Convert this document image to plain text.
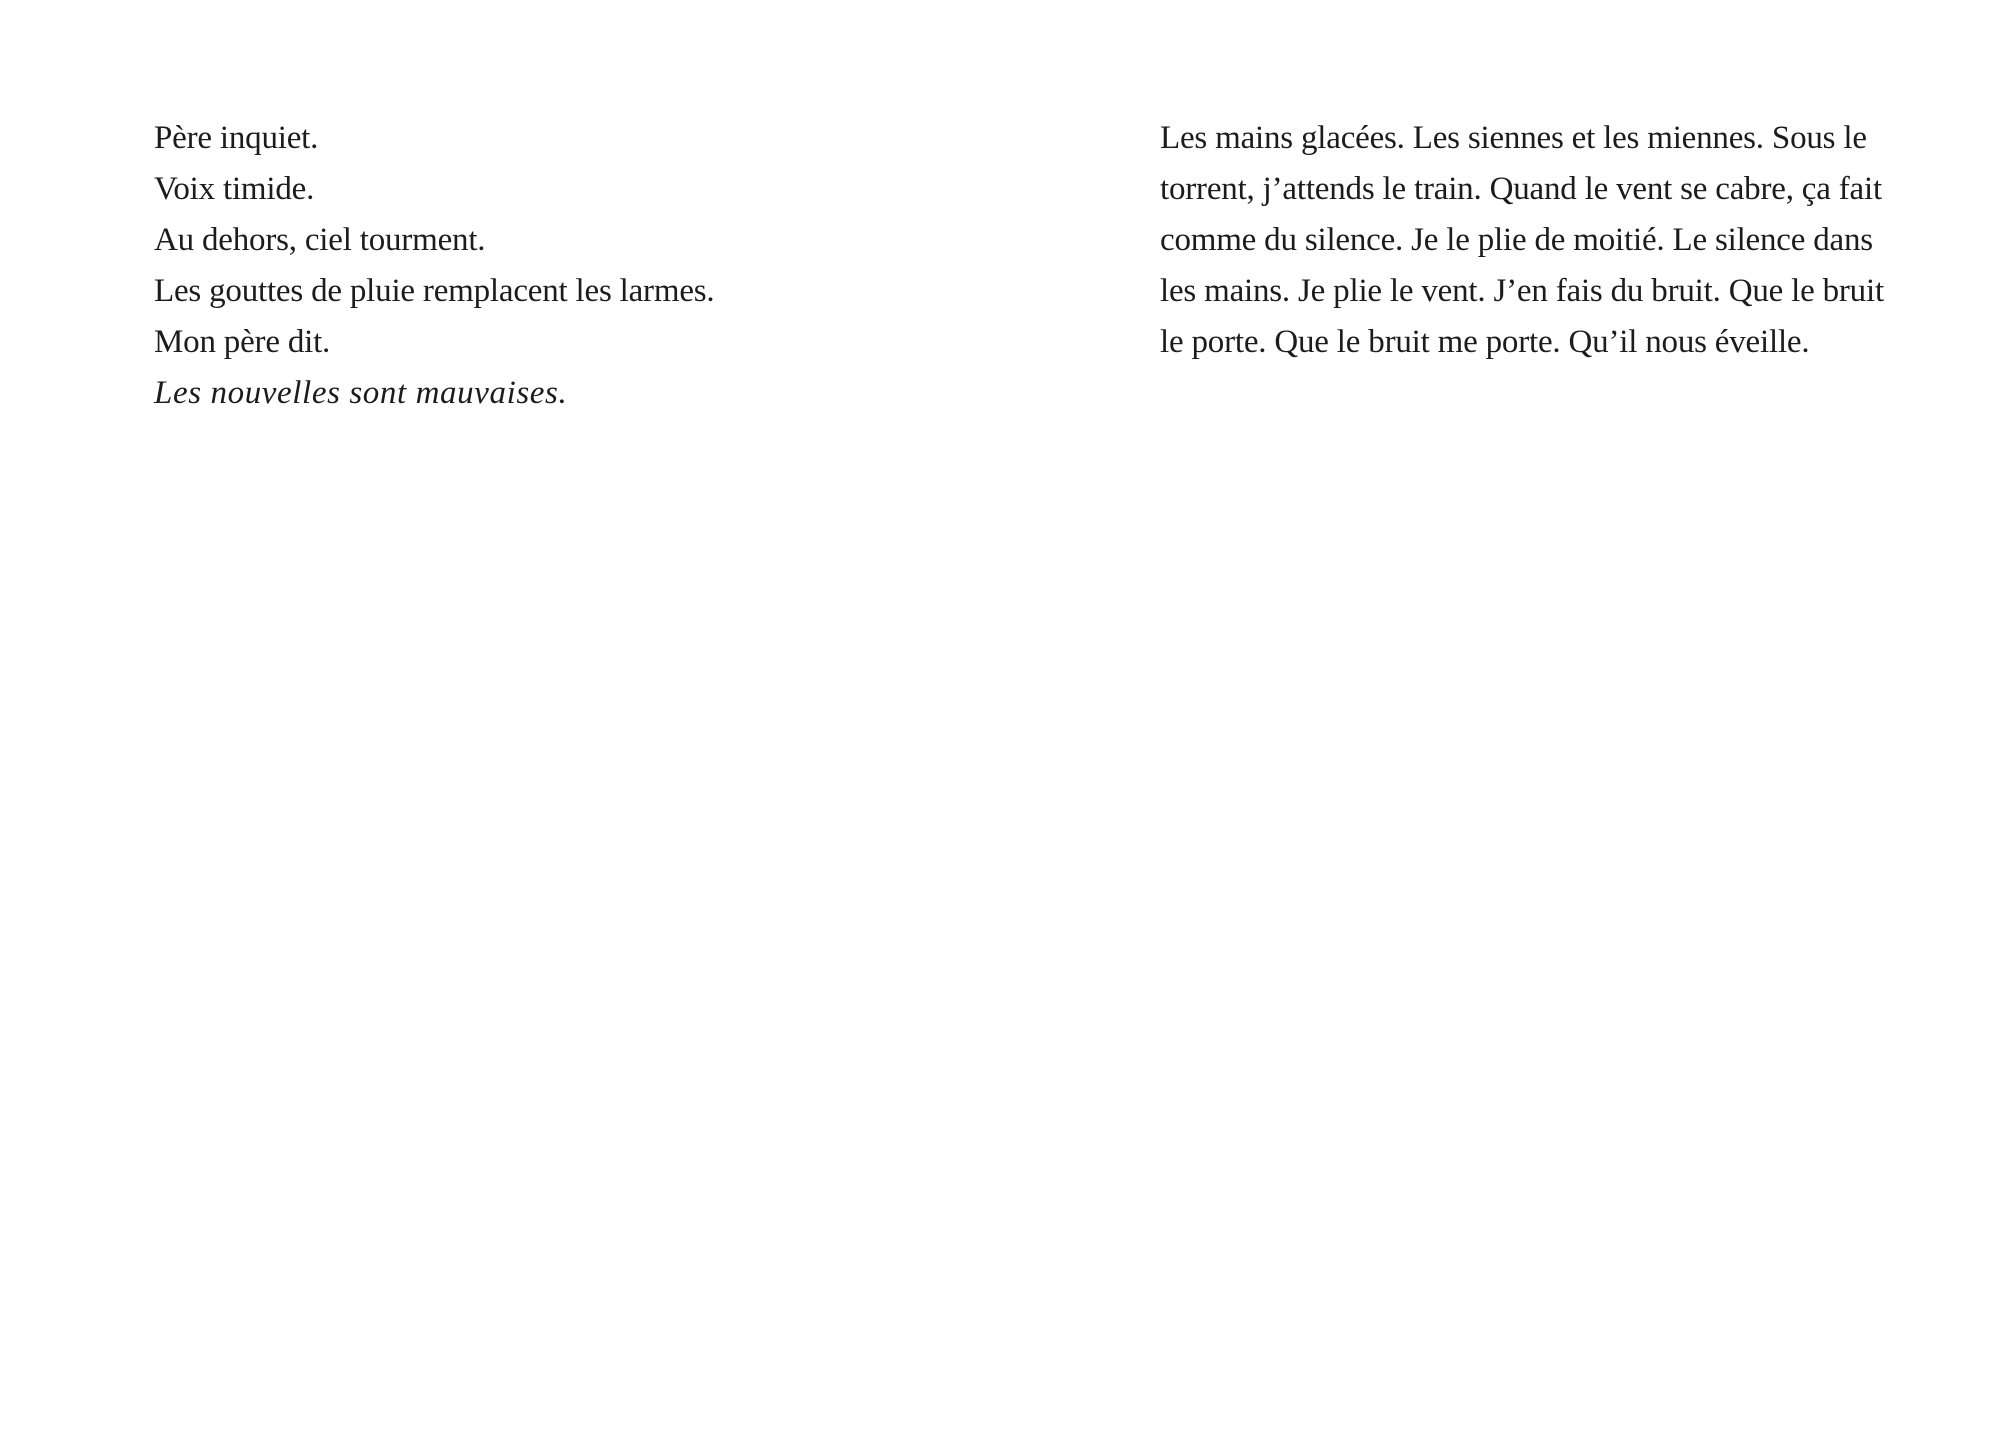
Père inquiet.
Voix timide.
Au dehors, ciel tourment.
Les gouttes de pluie remplacent les larmes.
Mon père dit.
Les nouvelles sont mauvaises.

Les mains glacées. Les siennes et les miennes. Sous le torrent, j’attends le train. Quand le vent se cabre, ça fait comme du silence. Je le plie de moitié. Le silence dans les mains. Je plie le vent. J’en fais du bruit. Que le bruit le porte. Que le bruit me porte. Qu’il nous éveille.
